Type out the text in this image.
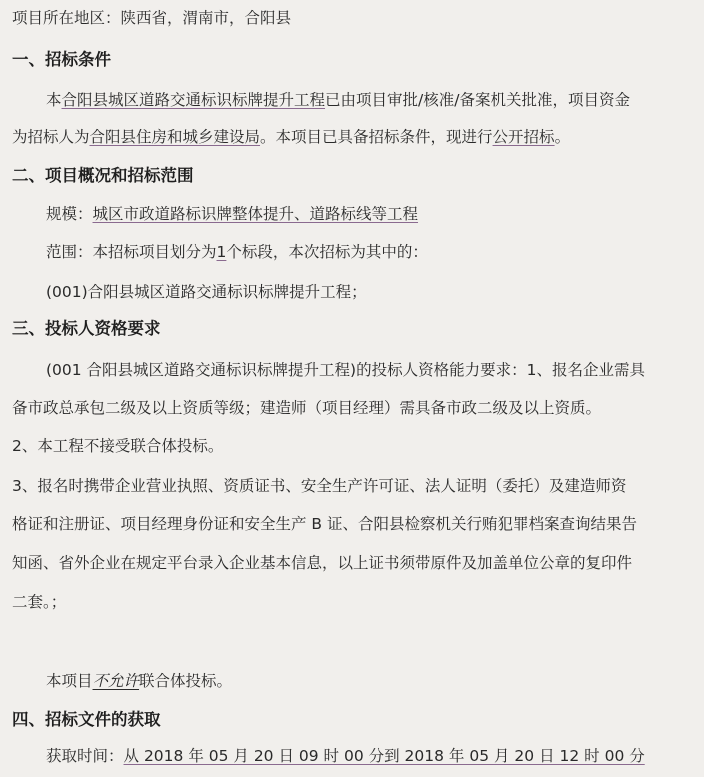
项目所在地区：陕西省，渭南市，合阳县
一、招标条件
本合阳县城区道路交通标识标牌提升工程已由项目审批/核准/备案机关批准，项目资金
为招标人为合阳县住房和城乡建设局。本项目已具备招标条件，现进行公开招标。
二、项目概况和招标范围
规模：城区市政道路标识牌整体提升、道路标线等工程
范围：本招标项目划分为1个标段，本次招标为其中的：
(001)合阳县城区道路交通标识标牌提升工程；
三、投标人资格要求
(001 合阳县城区道路交通标识标牌提升工程)的投标人资格能力要求：1、报名企业需具
备市政总承包二级及以上资质等级；建造师（项目经理）需具备市政二级及以上资质。
2、本工程不接受联合体投标。
3、报名时携带企业营业执照、资质证书、安全生产许可证、法人证明（委托）及建造师资
格证和注册证、项目经理身份证和安全生产 B 证、合阳县检察机关行贿犯罪档案查询结果告
知函、省外企业在规定平台录入企业基本信息，以上证书须带原件及加盖单位公章的复印件
二套。；
本项目不允许联合体投标。
四、招标文件的获取
获取时间：从 2018 年 05 月 20 日 09 时 00 分到 2018 年 05 月 20 日 12 时 00 分
